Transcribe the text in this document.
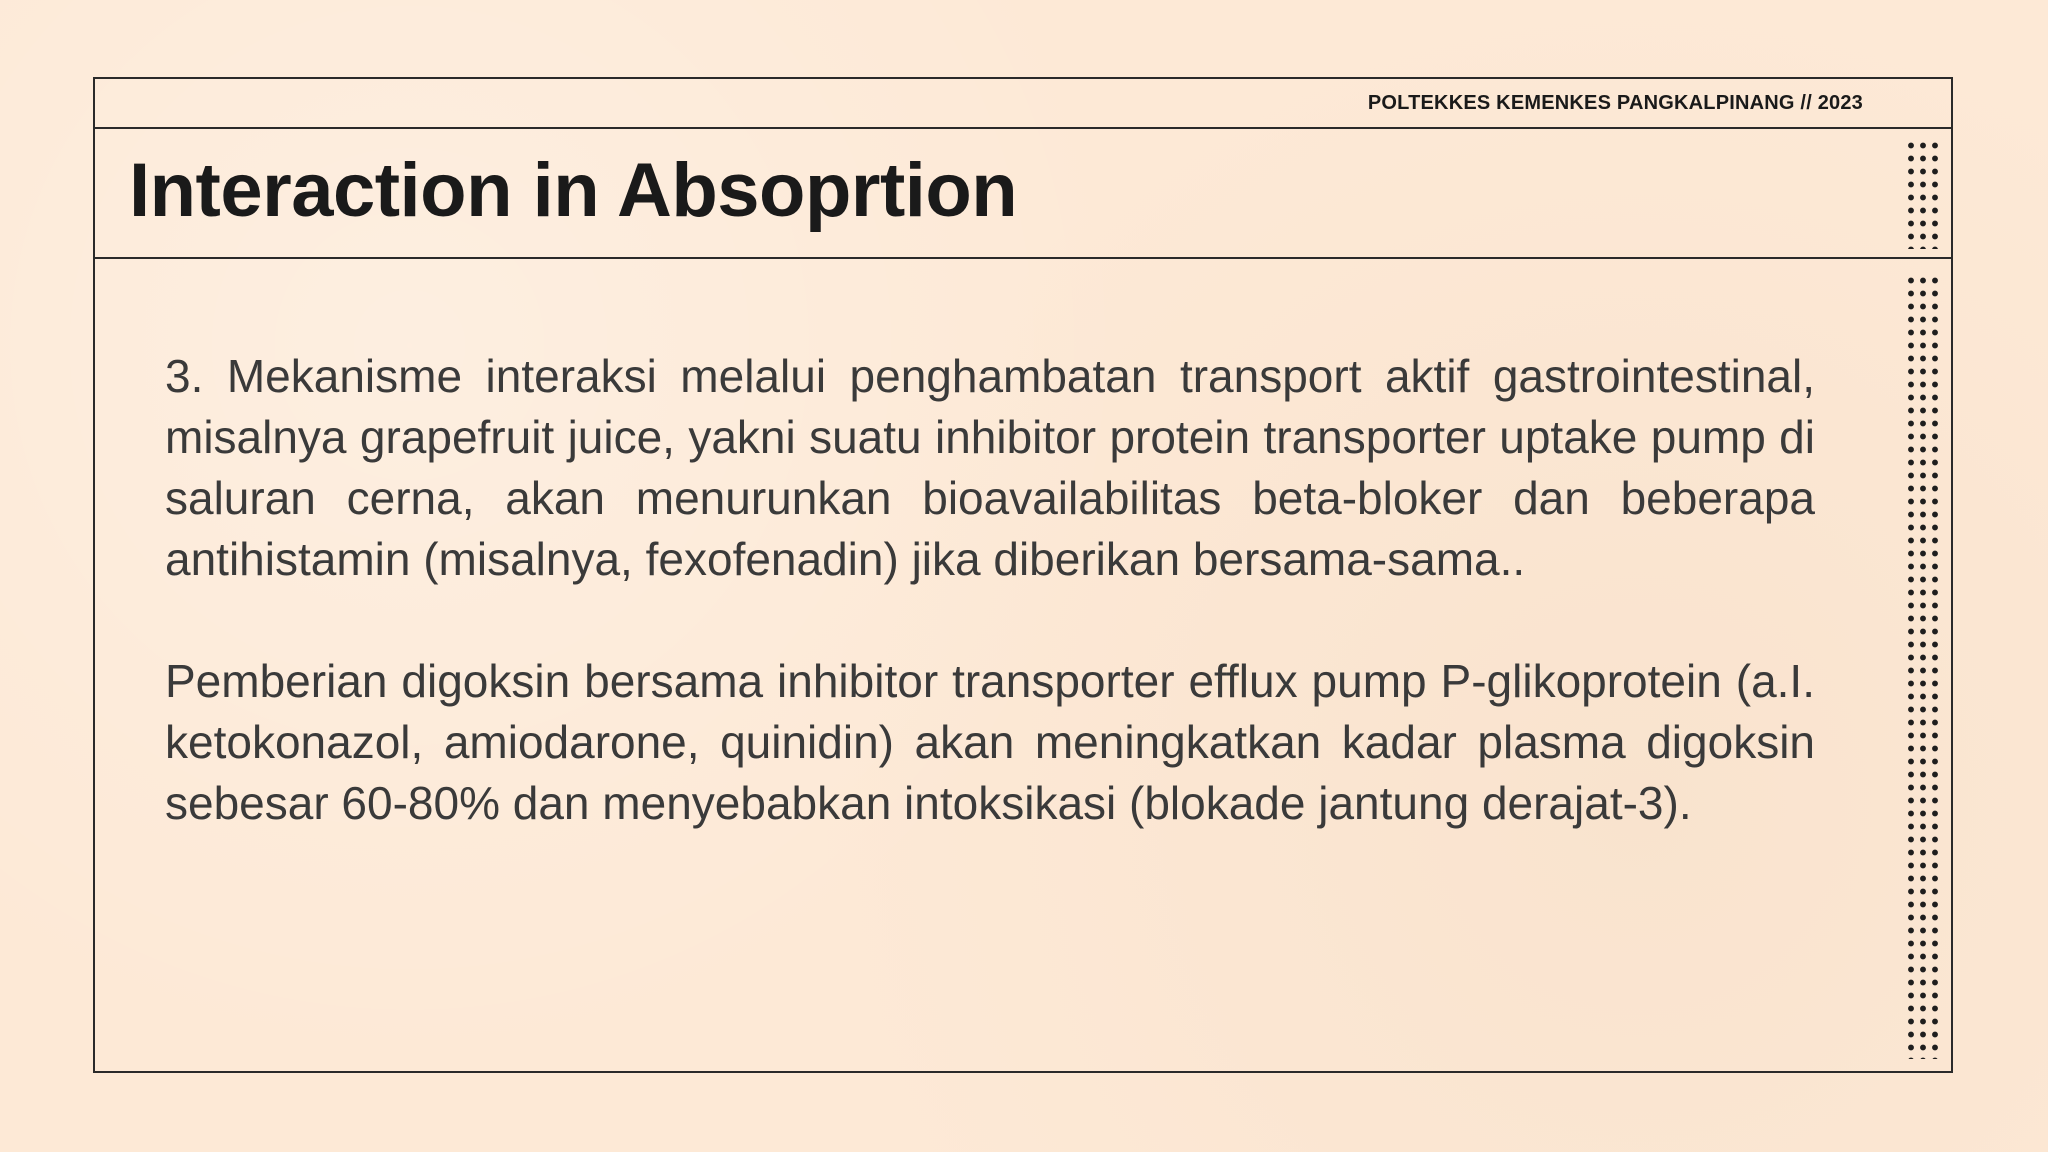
POLTEKKES KEMENKES PANGKALPINANG // 2023
Interaction in Absoprtion

3. Mekanisme interaksi melalui penghambatan transport aktif gastrointestinal, misalnya grapefruit juice, yakni suatu inhibitor protein transporter uptake pump di saluran cerna, akan menurunkan bioavailabilitas beta-bloker dan beberapa antihistamin (misalnya, fexofenadin) jika diberikan bersama-sama..

Pemberian digoksin bersama inhibitor transporter efflux pump P-glikoprotein (a.I. ketokonazol, amiodarone, quinidin) akan meningkatkan kadar plasma digoksin sebesar 60-80% dan menyebabkan intoksikasi (blokade jantung derajat-3).
